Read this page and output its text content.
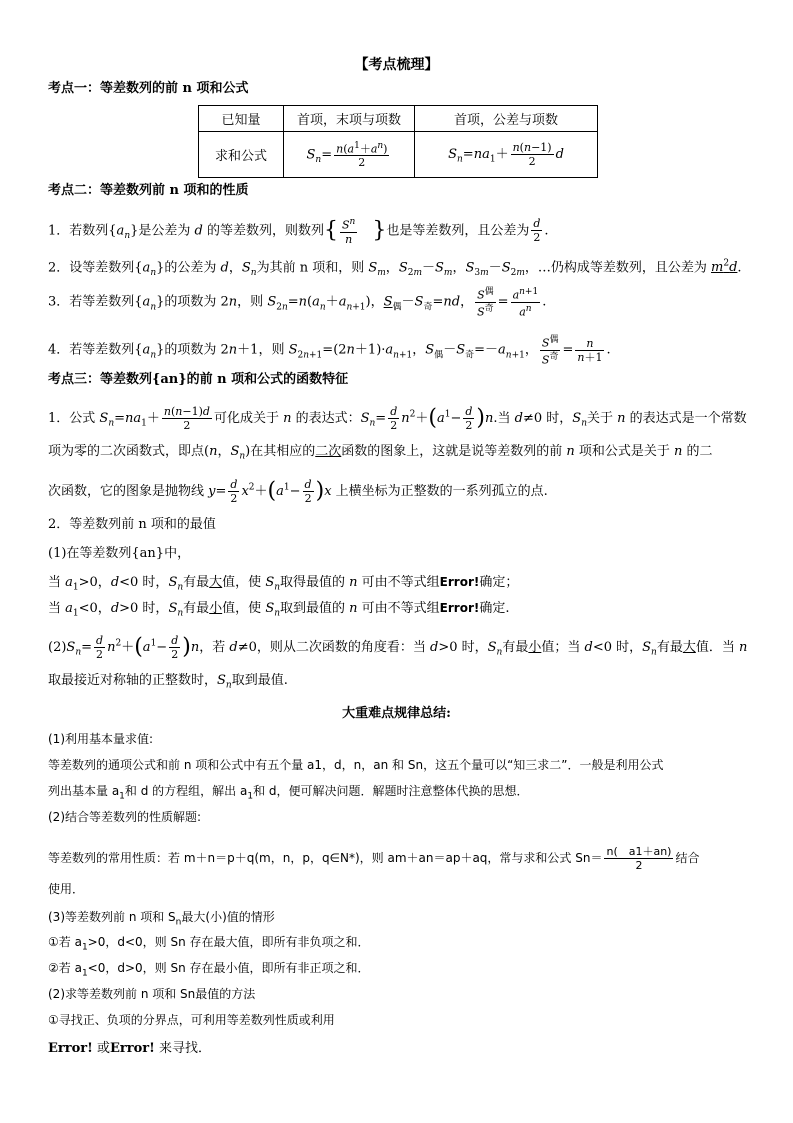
【考点梳理】
考点一：等差数列的前 n 项和公式
已知量	首项，末项与项数	首项，公差与项数
求和公式	$S_n= \frac{n(a^1+a^n)}{2}$	$S_n=na_1+ \frac{n(n-1)}{2}$ d
考点二：等差数列前 n 项和的性质
1．若数列$\{a_n\}$是公差为 d 的等差数列，则数列{ $\frac{S^n}{n}$
　 }也是等差数列，且公差为 $\frac{d}{2}$ .
2．设等差数列$\{a_n\}$的公差为 d，$S_n$为其前 n 项和，则 $S_m$，$S_{2m}-S_m$，$S_{3m}-S_{2m}$，…仍构成等差数列，且公差为 $m^2d$.
3．若等差数列$\{a_n\}$的项数为 2n，则 $S_{2n}=n(a_n+a_{n+1})$，$S_偶-S_奇=nd$， $\frac{S^偶}{S^奇} = \frac{a^{n+1}}{a^n}$ .
4．若等差数列$\{a_n\}$的项数为 2n＋1，则 $S_{2n+1}=(2n+1)\cdot a_{n+1}$，$S_偶-S_奇=-a_{n+1}$， $\frac{S^偶}{S^奇} = \frac{n}{n+1}$ .
考点三：等差数列{an}的前 n 项和公式的函数特征
1．公式 $S_n=na_1+ \frac{n(n-1)d}{2}$ 可化成关于 n 的表达式：$S_n= \frac{d}{2} n^2+(a^1- \frac{d}{2} )n$.当 d≠0 时，$S_n$关于 n 的表达式是一个常数
项为零的二次函数式，即点(n，$S_n$)在其相应的二次函数的图象上，这就是说等差数列的前 n 项和公式是关于 n 的二
次函数，它的图象是抛物线 $y= \frac{d}{2} x^2+(a^1- \frac{d}{2} )x$ 上横坐标为正整数的一系列孤立的点.
2．等差数列前 n 项和的最值
(1)在等差数列{an}中，
当 $a_1>0$，d<0 时，$S_n$有最大值，使 $S_n$取得最值的 n 可由不等式组Error!确定；
当 $a_1<0$，d>0 时，$S_n$有最小值，使 $S_n$取到最值的 n 可由不等式组Error!确定.
$(2)S_n= \frac{d}{2} n^2+(a^1- \frac{d}{2} )n$，若 d≠0，则从二次函数的角度看：当 d>0 时，$S_n$有最小值；当 d<0 时，$S_n$有最大值．当 n
取最接近对称轴的正整数时，$S_n$取到最值.
大重难点规律总结:
(1)利用基本量求值:
等差数列的通项公式和前 n 项和公式中有五个量 a1，d，n，an 和 Sn，这五个量可以“知三求二”．一般是利用公式
列出基本量 $a_1$和 d 的方程组，解出 $a_1$和 d，便可解决问题．解题时注意整体代换的思想．
(2)结合等差数列的性质解题:
等差数列的常用性质：若 m＋n＝p＋q(m，n，p，q∈N*)，则 am＋an＝ap＋aq，常与求和公式 $Sn= \frac{n( a1+an)}{2}$ 结合
使用．
(3)等差数列前 n 项和 $S_n$最大(小)值的情形
①若 $a_1>0$，d<0，则 Sn 存在最大值，即所有非负项之和．
②若 $a_1<0$，d>0，则 Sn 存在最小值，即所有非正项之和．
(2)求等差数列前 n 项和 Sn最值的方法
①寻找正、负项的分界点，可利用等差数列性质或利用
Error! 或Error! 来寻找．
